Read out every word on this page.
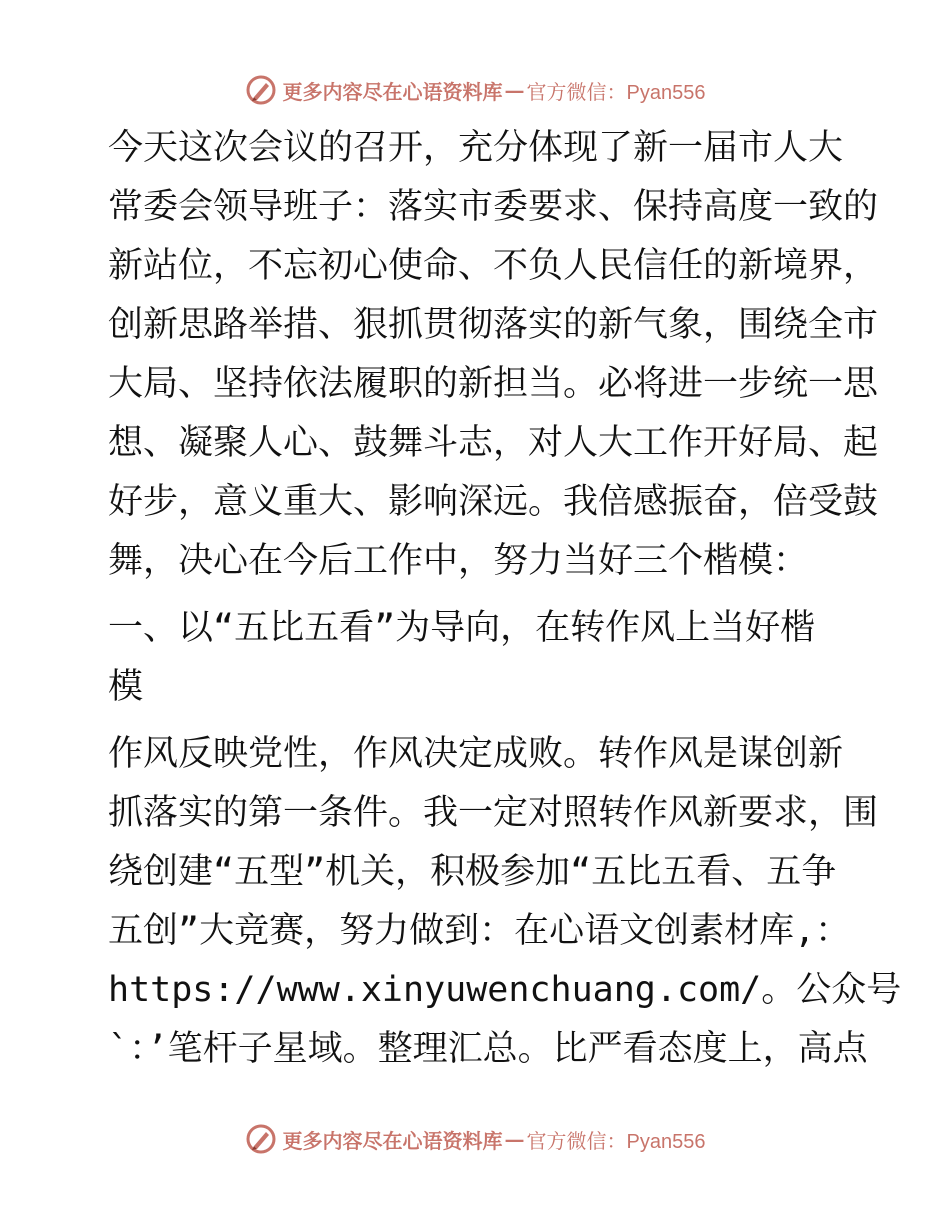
更多内容尽在心语资料库 — 官方微信：Pyan556

今天这次会议的召开，充分体现了新一届市人大
常委会领导班子：落实市委要求、保持高度一致的
新站位，不忘初心使命、不负人民信任的新境界，
创新思路举措、狠抓贯彻落实的新气象，围绕全市
大局、坚持依法履职的新担当。必将进一步统一思
想、凝聚人心、鼓舞斗志，对人大工作开好局、起
好步，意义重大、影响深远。我倍感振奋，倍受鼓
舞，决心在今后工作中，努力当好三个楷模：

一、以“五比五看”为导向，在转作风上当好楷
模

作风反映党性，作风决定成败。转作风是谋创新
抓落实的第一条件。我一定对照转作风新要求，围
绕创建“五型”机关，积极参加“五比五看、五争
五创”大竞赛，努力做到：在心语文创素材库,：
https://www.xinyuwenchuang.com/。公众号
`：’笔杆子星域。整理汇总。比严看态度上，高点

更多内容尽在心语资料库 — 官方微信：Pyan556
